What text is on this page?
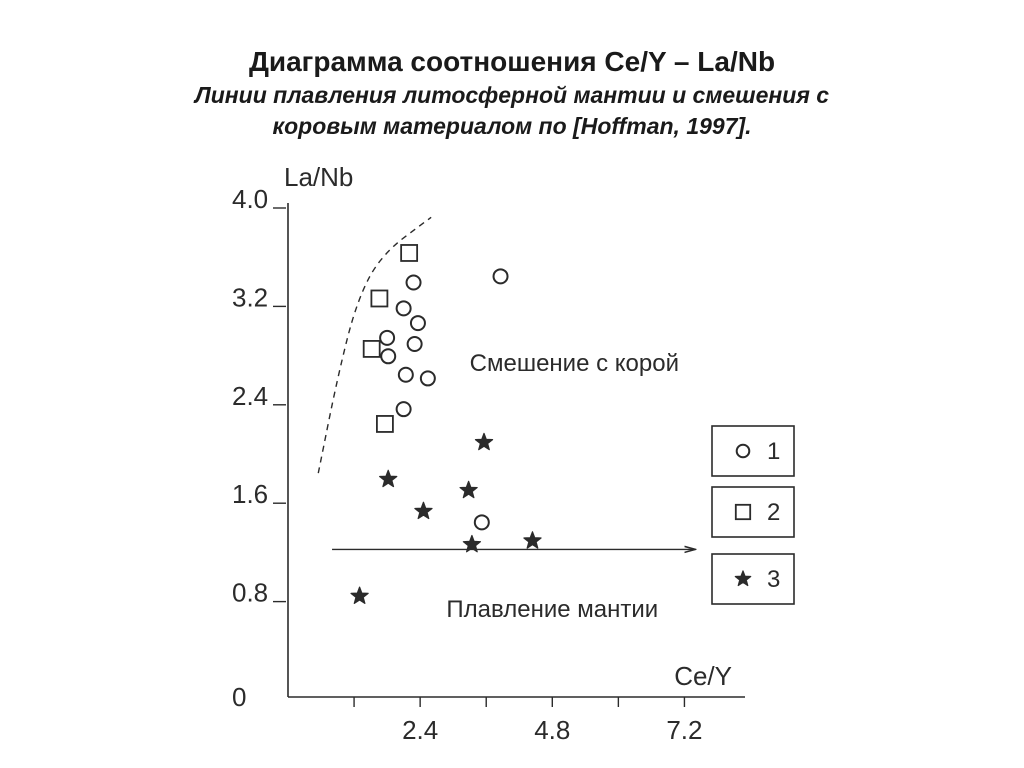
Диаграмма соотношения Ce/Y – La/Nb
Линии плавления литосферной мантии и смешения с
коровым материалом по [Hoffman, 1997].
0
0.8
1.6
2.4
3.2
4.0
2.4	4.8	7.2
La/Nb
Ce/Y
Смешение с корой
Плавление мантии
1
2
3
